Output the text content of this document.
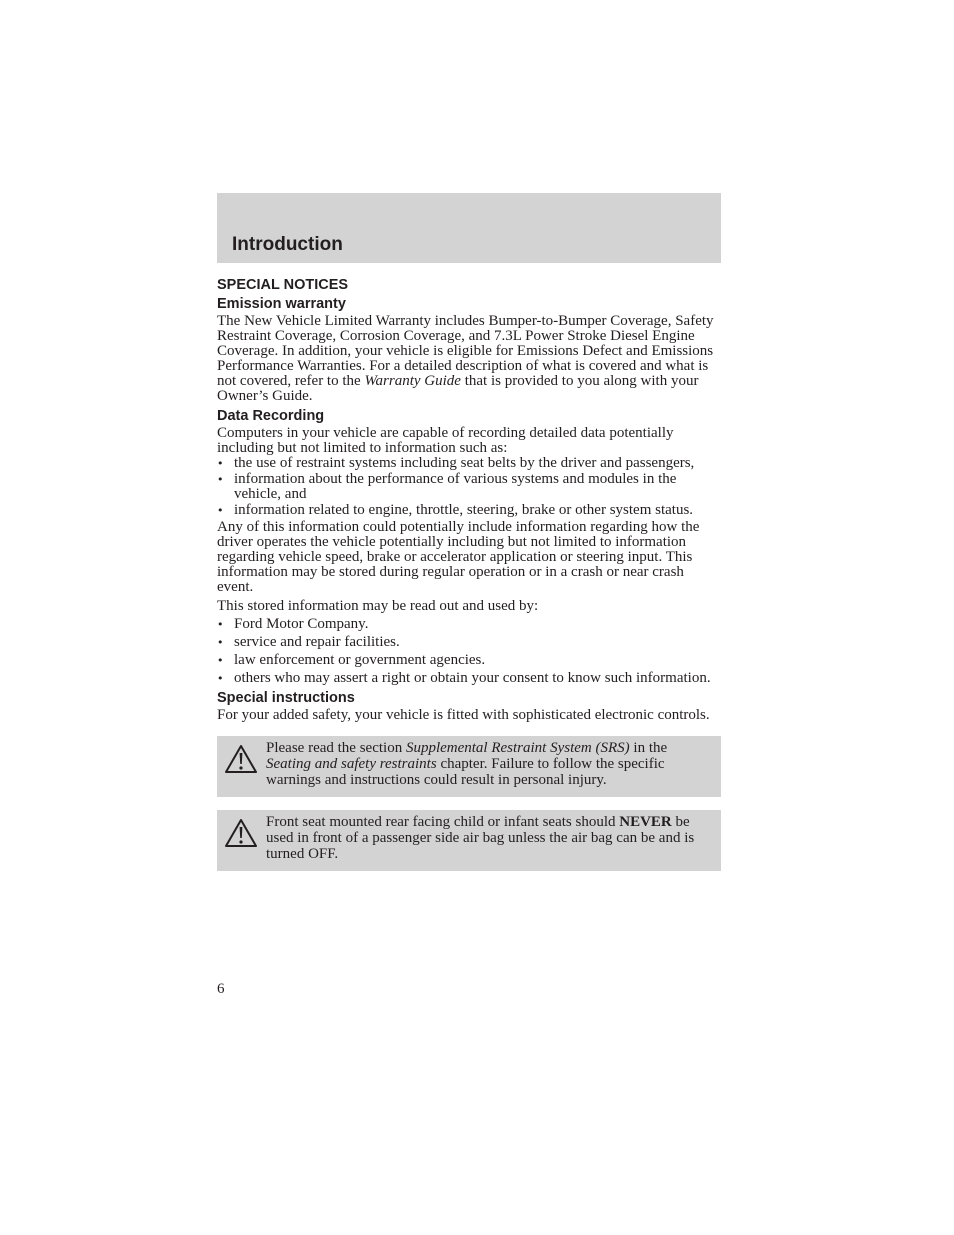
Introduction

SPECIAL NOTICES

Emission warranty

The New Vehicle Limited Warranty includes Bumper-to-Bumper Coverage, Safety Restraint Coverage, Corrosion Coverage, and 7.3L Power Stroke Diesel Engine Coverage. In addition, your vehicle is eligible for Emissions Defect and Emissions Performance Warranties. For a detailed description of what is covered and what is not covered, refer to the Warranty Guide that is provided to you along with your Owner’s Guide.

Data Recording

Computers in your vehicle are capable of recording detailed data potentially including but not limited to information such as:

• the use of restraint systems including seat belts by the driver and passengers,
• information about the performance of various systems and modules in the vehicle, and
• information related to engine, throttle, steering, brake or other system status.

Any of this information could potentially include information regarding how the driver operates the vehicle potentially including but not limited to information regarding vehicle speed, brake or accelerator application or steering input. This information may be stored during regular operation or in a crash or near crash event.

This stored information may be read out and used by:

• Ford Motor Company.
• service and repair facilities.
• law enforcement or government agencies.
• others who may assert a right or obtain your consent to know such information.

Special instructions

For your added safety, your vehicle is fitted with sophisticated electronic controls.

Please read the section Supplemental Restraint System (SRS) in the Seating and safety restraints chapter. Failure to follow the specific warnings and instructions could result in personal injury.
Front seat mounted rear facing child or infant seats should NEVER be used in front of a passenger side air bag unless the air bag can be and is turned OFF.

6
